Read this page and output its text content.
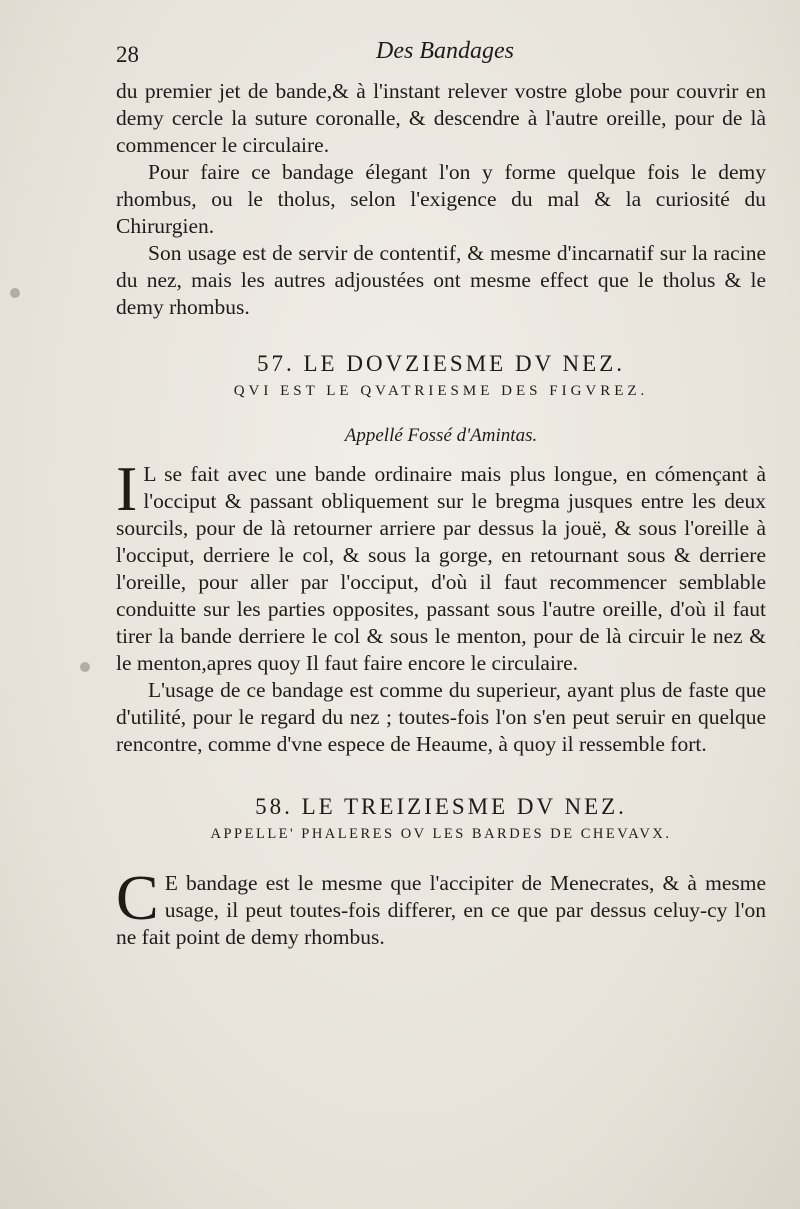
28	Des Bandages

du premier jet de bande,& à l'instant relever vostre globe pour couvrir en demy cercle la suture coronalle, & descendre à l'autre oreille, pour de là commencer le circulaire.

Pour faire ce bandage élegant l'on y forme quelque fois le demy rhombus, ou le tholus, selon l'exigence du mal & la curiosité du Chirurgien.

Son usage est de servir de contentif, & mesme d'incarnatif sur la racine du nez, mais les autres adjoustées ont mesme effect que le tholus & le demy rhombus.

57. LE DOVZIESME DV NEZ.
QVI EST LE QVATRIESME DES FIGVREZ.
Appellé Fossé d'Amintas.
I L se fait avec une bande ordinaire mais plus longue, en cómençant à l'occiput & passant obliquement sur le bregma jusques entre les deux sourcils, pour de là retourner arriere par dessus la jouë, & sous l'oreille à l'occiput, derriere le col, & sous la gorge, en retournant sous & derriere l'oreille, pour aller par l'occiput, d'où il faut recommencer semblable conduitte sur les parties opposites, passant sous l'autre oreille, d'où il faut tirer la bande derriere le col & sous le menton, pour de là circuir le nez & le menton,apres quoy Il faut faire encore le circulaire.

L'usage de ce bandage est comme du superieur, ayant plus de faste que d'utilité, pour le regard du nez ; toutes-fois l'on s'en peut seruir en quelque rencontre, comme d'vne espece de Heaume, à quoy il ressemble fort.

58. LE TREIZIESME DV NEZ.
APPELLE' PHALERES OV LES BARDES DE CHEVAVX.
C E bandage est le mesme que l'accipiter de Menecrates, & à mesme usage, il peut toutes-fois differer, en ce que par dessus celuy-cy l'on ne fait point de demy rhombus.
